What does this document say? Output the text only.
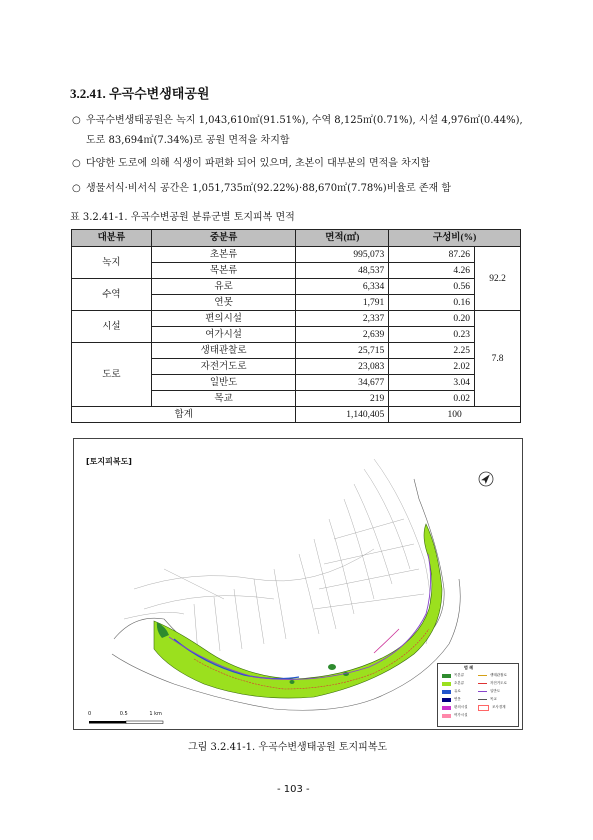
3.2.41. 우곡수변생태공원
○ 우곡수변생태공원은 녹지 1,043,610㎡(91.51%), 수역 8,125㎡(0.71%), 시설 4,976㎡(0.44%),
도로 83,694㎡(7.34%)로 공원 면적을 차지함
○ 다양한 도로에 의해 식생이 파편화 되어 있으며, 초본이 대부분의 면적을 차지함
○ 생물서식·비서식 공간은 1,051,735㎡(92.22%)·88,670㎡(7.78%)비율로 존재 함
표 3.2.41-1. 우곡수변공원 분류군별 토지피복 면적
대분류	중분류	면적(㎡)	구성비(%)	
녹지	초본류	995,073	87.26	92.2
	목본류	48,537	4.26	
수역	유로	6,334	0.56	
	연못	1,791	0.16	
시설	편의시설	2,337	0.20	7.8
	여가시설	2,639	0.23	
도로	생태관찰로	25,715	2.25	
	자전거도로	23,083	2.02	
	일반도	34,677	3.04	
	목교	219	0.02	
합계		1,140,405	100	
[토지피복도]
0	0.5	1 km
범 례
목본류
초본류
유로
연못
편의시설
여가시설
생태관찰로
자전거도로
일반도
목교
조사경계
그림 3.2.41-1. 우곡수변생태공원 토지피복도
- 103 -
